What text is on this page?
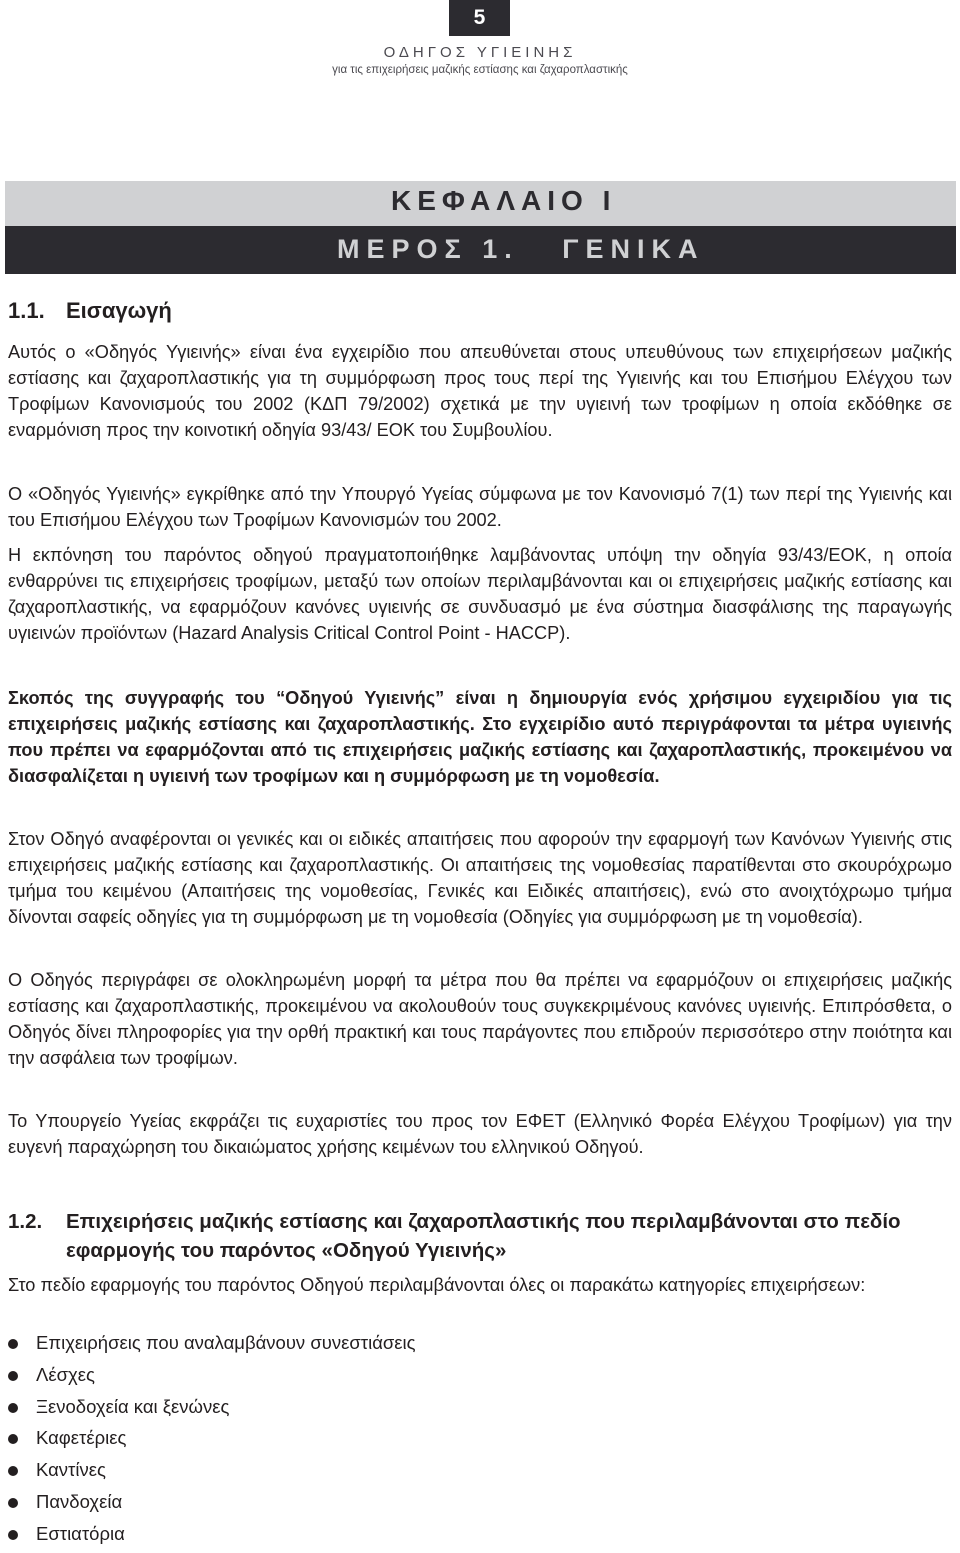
5
ΟΔΗΓΟΣ ΥΓΙΕΙΝΗΣ
για τις επιχειρήσεις μαζικής εστίασης και ζαχαροπλαστικής
ΚΕΦΑΛΑΙΟ I
ΜΕΡΟΣ 1.   ΓΕΝΙΚΑ
1.1. Εισαγωγή
Αυτός ο «Οδηγός Υγιεινής» είναι ένα εγχειρίδιο που απευθύνεται στους υπευθύνους των επιχειρήσεων μαζικής εστίασης και ζαχαροπλαστικής για τη συμμόρφωση προς τους περί της Υγιεινής και του Επισήμου Ελέγχου των Τροφίμων Κανονισμούς του 2002 (ΚΔΠ 79/2002) σχετικά με την υγιεινή των τροφίμων η οποία εκδόθηκε σε εναρμόνιση προς την κοινοτική οδηγία 93/43/ ΕΟΚ του Συμβουλίου.
Ο «Οδηγός Υγιεινής» εγκρίθηκε από την Υπουργό Υγείας σύμφωνα με τον Κανονισμό 7(1) των περί της Υγιεινής και του Επισήμου Ελέγχου των Τροφίμων Κανονισμών του 2002.
Η εκπόνηση του παρόντος οδηγού πραγματοποιήθηκε λαμβάνοντας υπόψη την οδηγία 93/43/ΕΟΚ, η οποία ενθαρρύνει τις επιχειρήσεις τροφίμων, μεταξύ των οποίων περιλαμβάνονται και οι επιχειρήσεις μαζικής εστίασης και ζαχαροπλαστικής, να εφαρμόζουν κανόνες υγιεινής σε συνδυασμό με ένα σύστημα διασφάλισης της παραγωγής υγιεινών προϊόντων (Hazard Analysis Critical Control Point - HACCP).
Σκοπός της συγγραφής του “Οδηγού Υγιεινής” είναι η δημιουργία ενός χρήσιμου εγχειριδίου για τις επιχειρήσεις μαζικής εστίασης και ζαχαροπλαστικής. Στο εγχειρίδιο αυτό περιγράφονται τα μέτρα υγιεινής που πρέπει να εφαρμόζονται από τις επιχειρήσεις μαζικής εστίασης και ζαχαροπλαστικής, προκειμένου να διασφαλίζεται η υγιεινή των τροφίμων και η συμμόρφωση με τη νομοθεσία.
Στον Οδηγό αναφέρονται οι γενικές και οι ειδικές απαιτήσεις που αφορούν την εφαρμογή των Κανόνων Υγιεινής στις επιχειρήσεις μαζικής εστίασης και ζαχαροπλαστικής. Οι απαιτήσεις της νομοθεσίας παρατίθενται στο σκουρόχρωμο τμήμα του κειμένου (Απαιτήσεις της νομοθεσίας, Γενικές και Ειδικές απαιτήσεις), ενώ στο ανοιχτόχρωμο τμήμα δίνονται σαφείς οδηγίες για τη συμμόρφωση με τη νομοθεσία (Οδηγίες για συμμόρφωση με τη νομοθεσία).
Ο Οδηγός περιγράφει σε ολοκληρωμένη μορφή τα μέτρα που θα πρέπει να εφαρμόζουν οι επιχειρήσεις μαζικής εστίασης και ζαχαροπλαστικής, προκειμένου να ακολουθούν τους συγκεκριμένους κανόνες υγιεινής. Επιπρόσθετα, ο Οδηγός δίνει πληροφορίες για την ορθή πρακτική και τους παράγοντες που επιδρούν περισσότερο στην ποιότητα και την ασφάλεια των τροφίμων.
Το Υπουργείο Υγείας εκφράζει τις ευχαριστίες του προς τον ΕΦΕΤ (Ελληνικό Φορέα Ελέγχου Τροφίμων) για την ευγενή παραχώρηση του δικαιώματος χρήσης κειμένων του ελληνικού Οδηγού.
1.2. Επιχειρήσεις μαζικής εστίασης και ζαχαροπλαστικής που περιλαμβάνονται στο πεδίο εφαρμογής του παρόντος «Οδηγού Υγιεινής»
Στο πεδίο εφαρμογής του παρόντος Οδηγού περιλαμβάνονται όλες οι παρακάτω κατηγορίες επιχειρήσεων:
Επιχειρήσεις που αναλαμβάνουν συνεστιάσεις
Λέσχες
Ξενοδοχεία και ξενώνες
Καφετέριες
Καντίνες
Πανδοχεία
Εστιατόρια
